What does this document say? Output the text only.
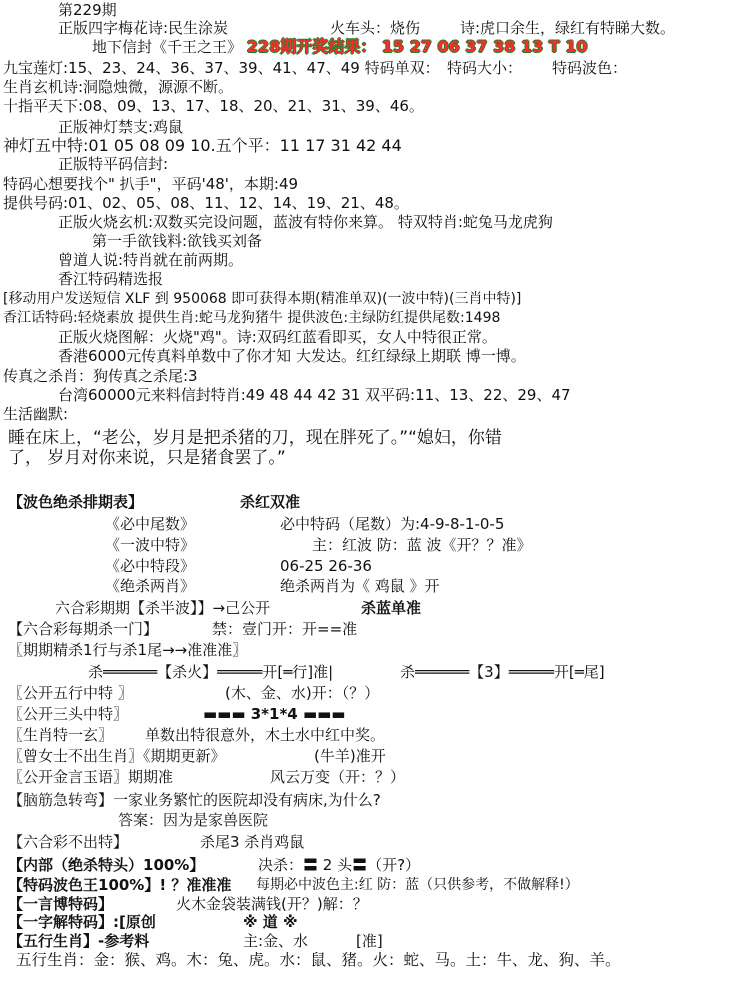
第229期
正版四字梅花诗:民生涂炭	火车头：烧伤	诗:虎口余生，绿红有特睇大数。
地下信封《千王之王》 228期开奖结果： 15 27 06 37 38 13 T 10
九宝莲灯:15、23、24、36、37、39、41、47、49 特码单双： 特码大小： 特码波色：
生肖玄机诗:洞隐烛微，源源不断。
十指平天下:08、09、13、17、18、20、21、31、39、46。
正版神灯禁支:鸡鼠
神灯五中特:01 05 08 09 10.五个平：11 17 31 42 44
正版特平码信封:
特码心想要找个" 扒手"，平码'48'，本期:49
提供号码:01、02、05、08、11、12、14、19、21、48。
正版火烧玄机:双数买完设问题，蓝波有特你来算。 特双特肖:蛇兔马龙虎狗
第一手欲钱料:欲钱买刘备
曾道人说:特肖就在前两期。
香江特码精选报
[移动用户发送短信 XLF 到 950068 即可获得本期(精准单双)(一波中特)(三肖中特)]
香江话特码:轻烧素放 提供生肖:蛇马龙狗猪牛 提供波色:主绿防红提供尾数:1498
正版火烧图解：火烧"鸡"。诗:双码红蓝看即买，女人中特很正常。
香港6000元传真料单数中了你才知 大发达。红红绿绿上期联 博一博。
传真之杀肖：狗传真之杀尾:3
台湾60000元来料信封特肖:49 48 44 42 31 双平码:11、13、22、29、47
生活幽默:
睡在床上，“老公，岁月是把杀猪的刀，现在胖死了。”“媳妇，你错
了， 岁月对你来说，只是猪食罢了。”
【波色绝杀排期表】	杀红双准
《必中尾数》	必中特码（尾数）为:4-9-8-1-0-5
《一波中特》	主：红波 防：蓝 波《开？？准》
《必中特段》	06-25 26-36
《绝杀两肖》	绝杀两肖为《 鸡鼠 》开
六合彩期期【杀半波】】→己公开	杀蓝单准
【六合彩每期杀一门】	禁：壹门开：开==准
〖期期精杀1行与杀1尾→→准准准〗
杀══════【杀火】═════开[═行]准|	杀══════【3】═════开[═尾]
〖公开五行中特 〗	(木、金、水)开：（？）
〖公开三头中特〗	▬▬▬ 3*1*4 ▬▬▬
〖生肖特一玄〗 单数出特很意外，木土水中红中奖。
〖曾女士不出生肖〗《期期更新》	(牛羊)准开
〖公开金言玉语〗期期准	风云万变（开：？）
【脑筋急转弯】一家业务繁忙的医院却没有病床,为什么?
答案：因为是家兽医院
【六合彩不出特】	杀尾3 杀肖鸡鼠
【内部（绝杀特头）100%】	决杀：〓 2 头〓（开?）
【特码波色王100%】! ？准准准 每期必中波色主:红 防：蓝（只供参考，不做解释!）
【一言博特码】	火木金袋装满钱(开？)解：？
【一字解特码】:[原创	※ 道 ※
【五行生肖】-参考料	主:金、水	[准]
五行生肖：金：猴、鸡。木：兔、虎。水：鼠、猪。火：蛇、马。土：牛、龙、狗、羊。
